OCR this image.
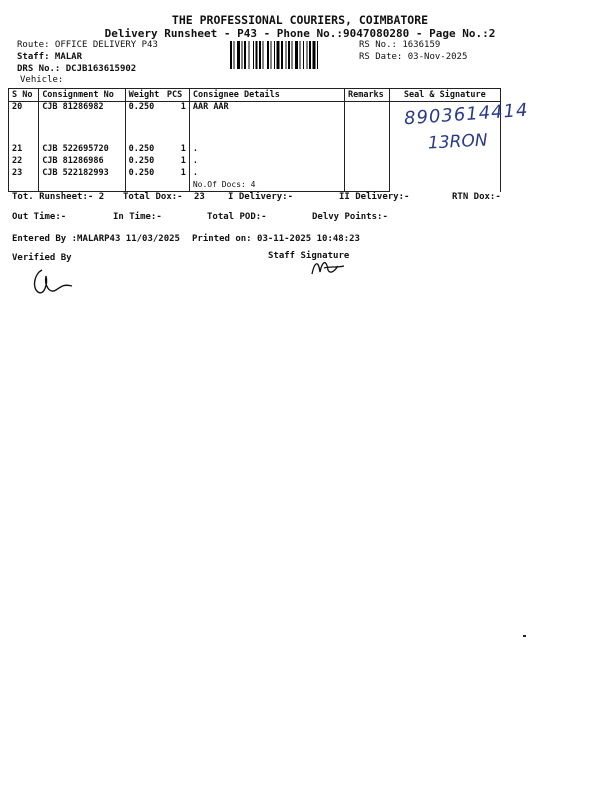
THE PROFESSIONAL COURIERS, COIMBATORE
Delivery Runsheet - P43 - Phone No.:9047080280 - Page No.:2
Route: OFFICE DELIVERY P43
Staff: MALAR
DRS No.: DCJB163615902
Vehicle:
RS No.: 1636159
RS Date: 03-Nov-2025
S No	Consignment No	Weight	PCS	Consignee Details	Remarks	Seal & Signature
20	CJB 81286982	0.250	1	AAR AAR		
21	CJB 522695720	0.250	1	.		
22	CJB 81286986	0.250	1	.		
23	CJB 522182993	0.250	1	.		
				No.Of Docs: 4		
8903614414
13RON
Tot. Runsheet:- 2 Total Dox:- 23	I Delivery:-	II Delivery:-	RTN Dox:-
Out Time:-	In Time:-	Total POD:-	Delvy Points:-
Entered By :MALARP43 11/03/2025 Printed on: 03-11-2025 10:48:23
Verified By	Staff Signature
